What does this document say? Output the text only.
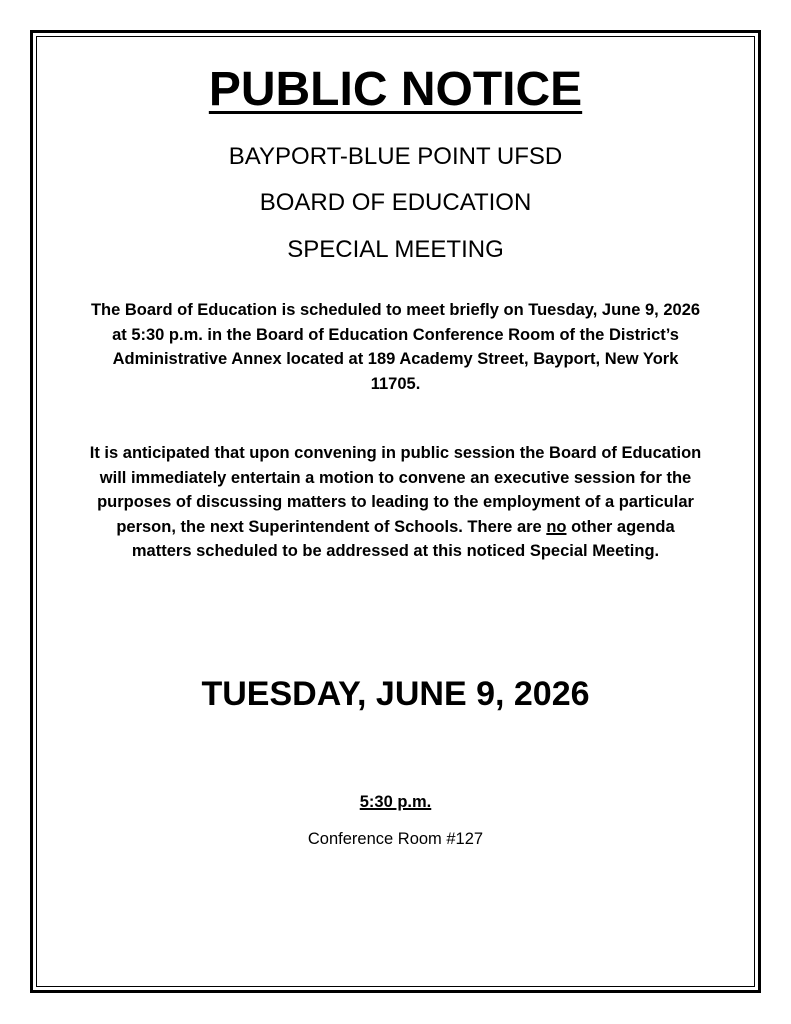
PUBLIC NOTICE
BAYPORT-BLUE POINT UFSD
BOARD OF EDUCATION
SPECIAL MEETING
The Board of Education is scheduled to meet briefly on Tuesday, June 9, 2026 at 5:30 p.m. in the Board of Education Conference Room of the District’s Administrative Annex located at 189 Academy Street, Bayport, New York 11705.
It is anticipated that upon convening in public session the Board of Education will immediately entertain a motion to convene an executive session for the purposes of discussing matters to leading to the employment of a particular person, the next Superintendent of Schools. There are no other agenda matters scheduled to be addressed at this noticed Special Meeting.
TUESDAY, JUNE 9, 2026
5:30 p.m.
Conference Room #127
